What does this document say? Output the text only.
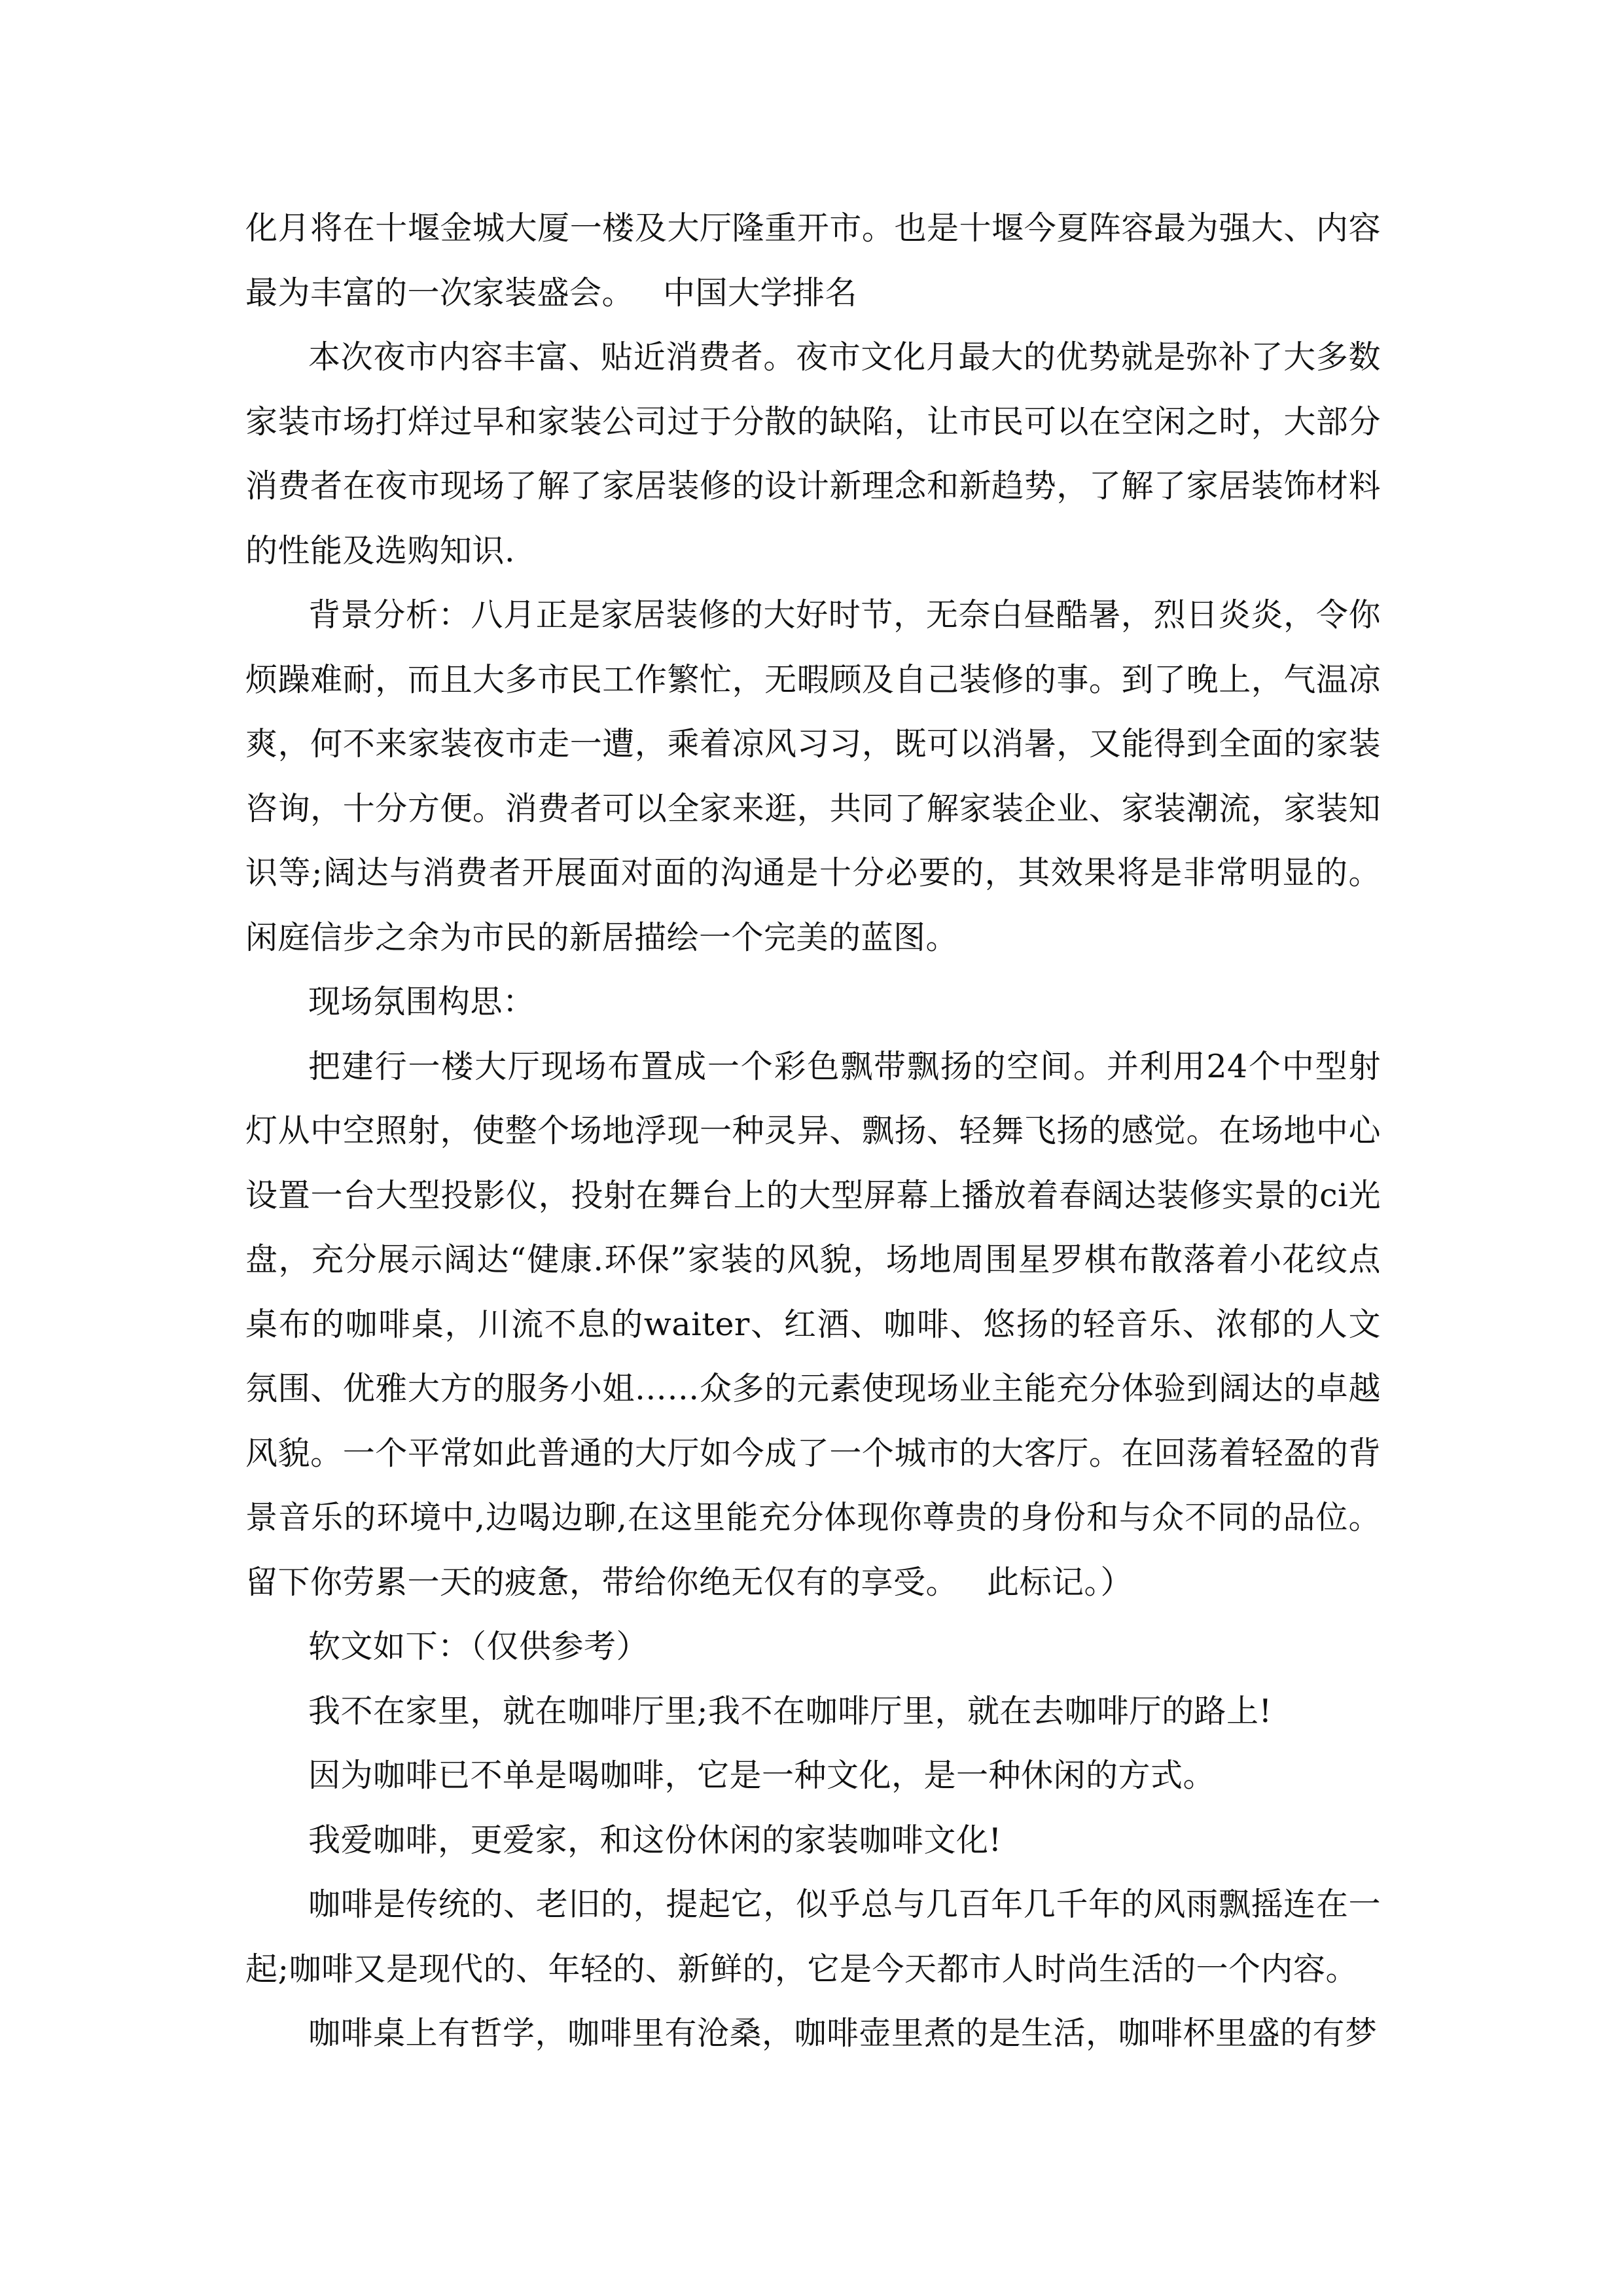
化月将在十堰金城大厦一楼及大厅隆重开市。也是十堰今夏阵容最为强大、内容最为丰富的一次家装盛会。 中国大学排名

本次夜市内容丰富、贴近消费者。夜市文化月最大的优势就是弥补了大多数家装市场打烊过早和家装公司过于分散的缺陷，让市民可以在空闲之时，大部分消费者在夜市现场了解了家居装修的设计新理念和新趋势，了解了家居装饰材料的性能及选购知识.

背景分析：八月正是家居装修的大好时节，无奈白昼酷暑，烈日炎炎，令你烦躁难耐，而且大多市民工作繁忙，无暇顾及自己装修的事。到了晚上，气温凉爽，何不来家装夜市走一遭，乘着凉风习习，既可以消暑，又能得到全面的家装咨询，十分方便。消费者可以全家来逛，共同了解家装企业、家装潮流，家装知识等;阔达与消费者开展面对面的沟通是十分必要的，其效果将是非常明显的。闲庭信步之余为市民的新居描绘一个完美的蓝图。

现场氛围构思：

把建行一楼大厅现场布置成一个彩色飘带飘扬的空间。并利用24个中型射灯从中空照射，使整个场地浮现一种灵异、飘扬、轻舞飞扬的感觉。在场地中心设置一台大型投影仪，投射在舞台上的大型屏幕上播放着春阔达装修实景的ci光盘，充分展示阔达“健康.环保”家装的风貌，场地周围星罗棋布散落着小花纹点桌布的咖啡桌，川流不息的waiter、红酒、咖啡、悠扬的轻音乐、浓郁的人文氛围、优雅大方的服务小姐……众多的元素使现场业主能充分体验到阔达的卓越风貌。一个平常如此普通的大厅如今成了一个城市的大客厅。在回荡着轻盈的背景音乐的环境中,边喝边聊,在这里能充分体现你尊贵的身份和与众不同的品位。留下你劳累一天的疲惫，带给你绝无仅有的享受。 此标记。）

软文如下：（仅供参考）

我不在家里，就在咖啡厅里;我不在咖啡厅里，就在去咖啡厅的路上!

因为咖啡已不单是喝咖啡，它是一种文化，是一种休闲的方式。

我爱咖啡，更爱家，和这份休闲的家装咖啡文化!

咖啡是传统的、老旧的，提起它，似乎总与几百年几千年的风雨飘摇连在一起;咖啡又是现代的、年轻的、新鲜的，它是今天都市人时尚生活的一个内容。

咖啡桌上有哲学，咖啡里有沧桑，咖啡壶里煮的是生活，咖啡杯里盛的有梦
